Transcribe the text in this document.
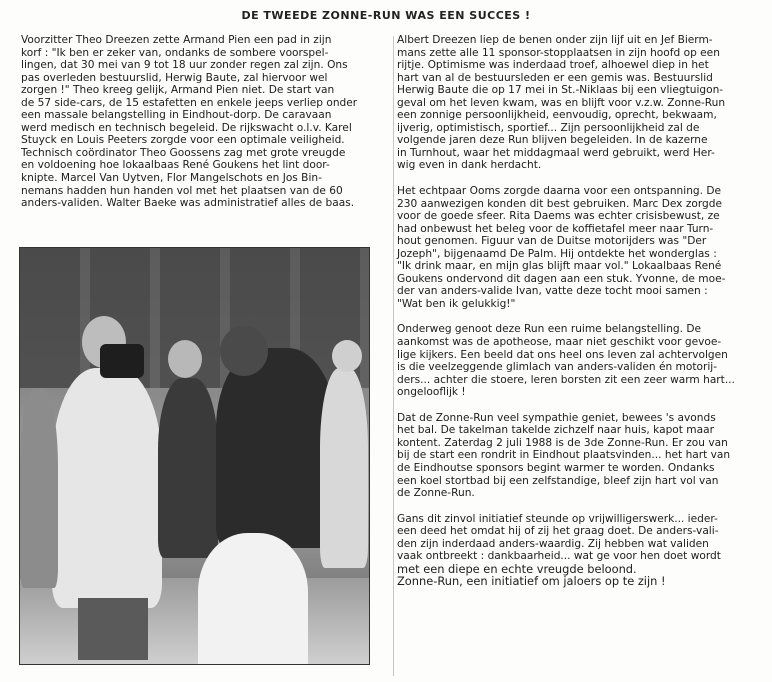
DE TWEEDE ZONNE-RUN WAS EEN SUCCES !

Voorzitter Theo Dreezen zette Armand Pien een pad in zijn
korf : "Ik ben er zeker van, ondanks de sombere voorspel-
lingen, dat 30 mei van 9 tot 18 uur zonder regen zal zijn. Ons
pas overleden bestuurslid, Herwig Baute, zal hiervoor wel
zorgen !" Theo kreeg gelijk, Armand Pien niet. De start van
de 57 side-cars, de 15 estafetten en enkele jeeps verliep onder
een massale belangstelling in Eindhout-dorp. De caravaan
werd medisch en technisch begeleid. De rijkswacht o.l.v. Karel
Stuyck en Louis Peeters zorgde voor een optimale veiligheid.
Technisch coördinator Theo Goossens zag met grote vreugde
en voldoening hoe lokaalbaas René Goukens het lint door-
knipte. Marcel Van Uytven, Flor Mangelschots en Jos Bin-
nemans hadden hun handen vol met het plaatsen van de 60
anders-validen. Walter Baeke was administratief alles de baas.

Albert Dreezen liep de benen onder zijn lijf uit en Jef Bierm-
mans zette alle 11 sponsor-stopplaatsen in zijn hoofd op een
rijtje. Optimisme was inderdaad troef, alhoewel diep in het
hart van al de bestuursleden er een gemis was. Bestuurslid
Herwig Baute die op 17 mei in St.-Niklaas bij een vliegtuigon-
geval om het leven kwam, was en blijft voor v.z.w. Zonne-Run
een zonnige persoonlijkheid, eenvoudig, oprecht, bekwaam,
ijverig, optimistisch, sportief... Zijn persoonlijkheid zal de
volgende jaren deze Run blijven begeleiden. In de kazerne
in Turnhout, waar het middagmaal werd gebruikt, werd Her-
wig even in dank herdacht.

Het echtpaar Ooms zorgde daarna voor een ontspanning. De
230 aanwezigen konden dit best gebruiken. Marc Dex zorgde
voor de goede sfeer. Rita Daems was echter crisisbewust, ze
had onbewust het beleg voor de koffietafel meer naar Turn-
hout genomen. Figuur van de Duitse motorijders was "Der
Jozeph", bijgenaamd De Palm. Hij ontdekte het wonderglas :
"Ik drink maar, en mijn glas blijft maar vol." Lokaalbaas René
Goukens ondervond dit dagen aan een stuk. Yvonne, de moe-
der van anders-valide Ivan, vatte deze tocht mooi samen :
"Wat ben ik gelukkig!"

Onderweg genoot deze Run een ruime belangstelling. De
aankomst was de apotheose, maar niet geschikt voor gevoe-
lige kijkers. Een beeld dat ons heel ons leven zal achtervolgen
is die veelzeggende glimlach van anders-validen én motorij-
ders... achter die stoere, leren borsten zit een zeer warm hart...
ongelooflijk !

Dat de Zonne-Run veel sympathie geniet, bewees 's avonds
het bal. De takelman takelde zichzelf naar huis, kapot maar
kontent. Zaterdag 2 juli 1988 is de 3de Zonne-Run. Er zou van
bij de start een rondrit in Eindhout plaatsvinden... het hart van
de Eindhoutse sponsors begint warmer te worden. Ondanks
een koel stortbad bij een zelfstandige, bleef zijn hart vol van
de Zonne-Run.

Gans dit zinvol initiatief steunde op vrijwilligerswerk... ieder-
een deed het omdat hij of zij het graag doet. De anders-vali-
den zijn inderdaad anders-waardig. Zij hebben wat validen
vaak ontbreekt : dankbaarheid... wat ge voor hen doet wordt
met een diepe en echte vreugde beloond.
Zonne-Run, een initiatief om jaloers op te zijn !
